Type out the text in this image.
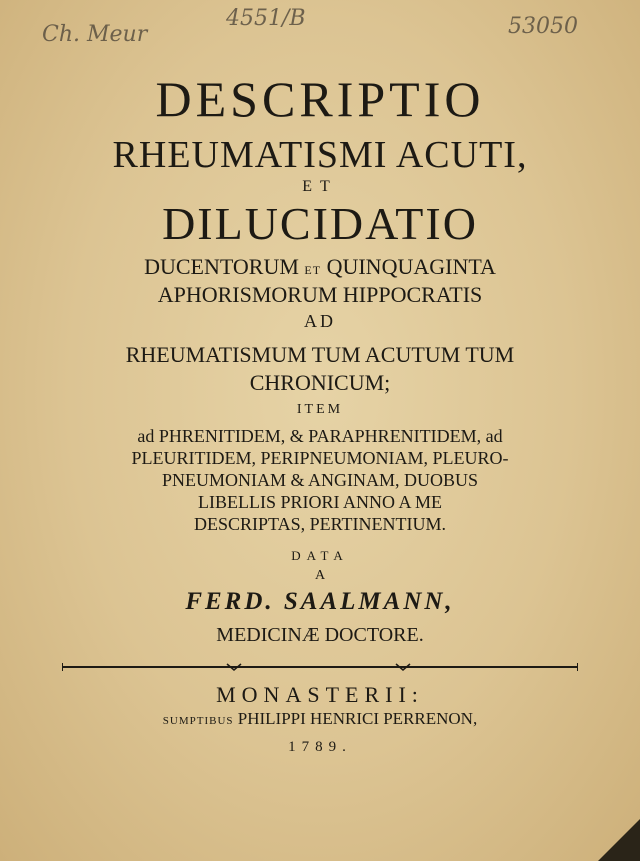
Ch. Meur
4551/B	53050
DESCRIPTIO
RHEUMATISMI ACUTI,
ET
DILUCIDATIO
DUCENTORUM ET QUINQUAGINTA
APHORISMORUM HIPPOCRATIS
AD
RHEUMATISMUM TUM ACUTUM TUM
CHRONICUM;
ITEM
ad PHRENITIDEM, & PARAPHRENITIDEM, ad
PLEURITIDEM, PERIPNEUMONIAM, PLEURO-
PNEUMONIAM & ANGINAM, DUOBUS
LIBELLIS PRIORI ANNO A ME
DESCRIPTAS, PERTINENTIUM.
DATA
A
FERD. SAALMANN,
MEDICINÆ DOCTORE.
MONASTERII:
SUMPTIBUS PHILIPPI HENRICI PERRENON,
1789.
